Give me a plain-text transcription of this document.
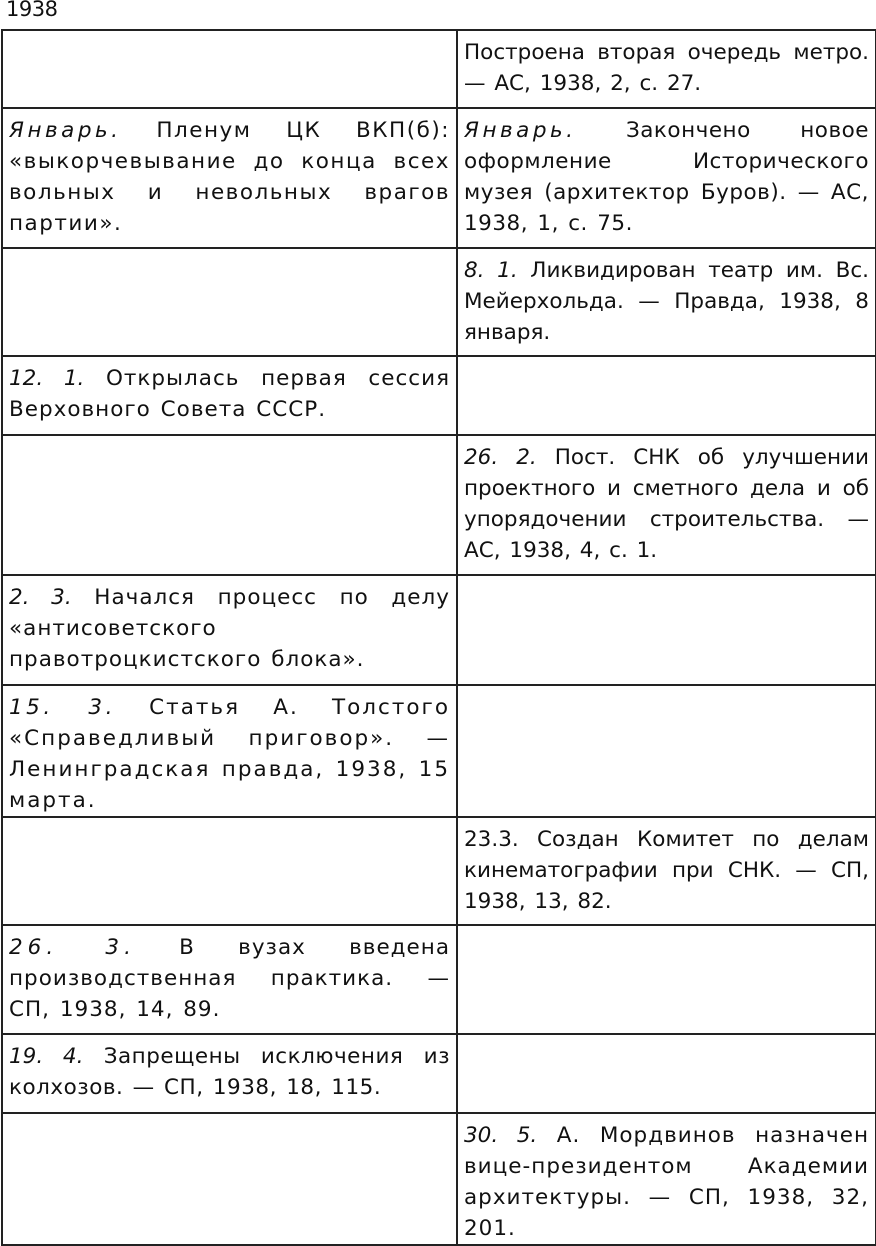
1938
	Построена вторая очередь метро. — АС, 1938, 2, с. 27.
Январь. Пленум ЦК ВКП(б): «выкорчевывание до конца всех вольных и невольных врагов партии».	Январь. Закончено новое оформление Исторического музея (архитектор Буров). — АС, 1938, 1, с. 75.
	8. 1. Ликвидирован театр им. Вс. Мейерхольда. — Правда, 1938, 8 января.
12. 1. Открылась первая сессия Верховного Совета СССР.	
	26. 2. Пост. СНК об улучшении проектного и сметного дела и об упорядочении строительства. — АС, 1938, 4, с. 1.
2. 3. Начался процесс по делу «антисоветского правотроцкистского блока».	
15. 3. Статья А. Толстого «Справедливый приговор». — Ленинградская правда, 1938, 15 марта.	
	23.3. Создан Комитет по делам кинематографии при СНК. — СП, 1938, 13, 82.
26. 3. В вузах введена производственная практика. — СП, 1938, 14, 89.	
19. 4. Запрещены исключения из колхозов. — СП, 1938, 18, 115.	
	30. 5. А. Мордвинов назначен вице-президентом Академии архитектуры. — СП, 1938, 32, 201.
